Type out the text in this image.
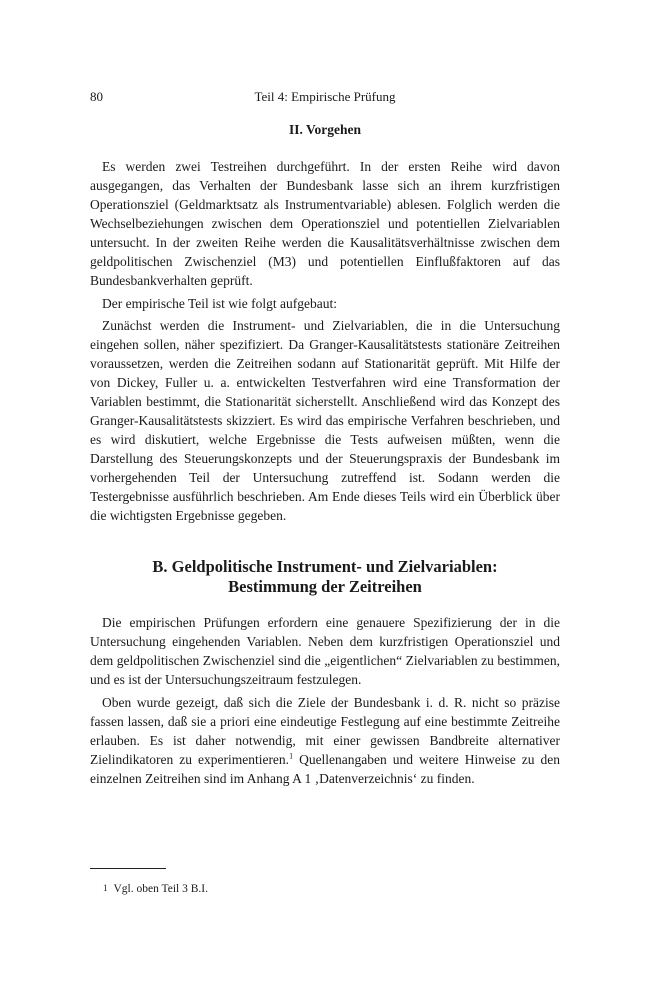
80	Teil 4: Empirische Prüfung
II. Vorgehen

Es werden zwei Testreihen durchgeführt. In der ersten Reihe wird davon ausgegangen, das Verhalten der Bundesbank lasse sich an ihrem kurzfristigen Operationsziel (Geldmarktsatz als Instrumentvariable) ablesen. Folglich werden die Wechselbeziehungen zwischen dem Operationsziel und potentiellen Zielvariablen untersucht. In der zweiten Reihe werden die Kausalitätsverhältnisse zwischen dem geldpolitischen Zwischenziel (M3) und potentiellen Einflußfaktoren auf das Bundesbankverhalten geprüft.

Der empirische Teil ist wie folgt aufgebaut:

Zunächst werden die Instrument- und Zielvariablen, die in die Untersuchung eingehen sollen, näher spezifiziert. Da Granger-Kausalitätstests stationäre Zeitreihen voraussetzen, werden die Zeitreihen sodann auf Stationarität geprüft. Mit Hilfe der von Dickey, Fuller u. a. entwickelten Testverfahren wird eine Transformation der Variablen bestimmt, die Stationarität sicherstellt. Anschließend wird das Konzept des Granger-Kausalitätstests skizziert. Es wird das empirische Verfahren beschrieben, und es wird diskutiert, welche Ergebnisse die Tests aufweisen müßten, wenn die Darstellung des Steuerungskonzepts und der Steuerungspraxis der Bundesbank im vorhergehenden Teil der Untersuchung zutreffend ist. Sodann werden die Testergebnisse ausführlich beschrieben. Am Ende dieses Teils wird ein Überblick über die wichtigsten Ergebnisse gegeben.

B. Geldpolitische Instrument- und Zielvariablen:
Bestimmung der Zeitreihen

Die empirischen Prüfungen erfordern eine genauere Spezifizierung der in die Untersuchung eingehenden Variablen. Neben dem kurzfristigen Operationsziel und dem geldpolitischen Zwischenziel sind die „eigentlichen“ Zielvariablen zu bestimmen, und es ist der Untersuchungszeitraum festzulegen.

Oben wurde gezeigt, daß sich die Ziele der Bundesbank i. d. R. nicht so präzise fassen lassen, daß sie a priori eine eindeutige Festlegung auf eine bestimmte Zeitreihe erlauben. Es ist daher notwendig, mit einer gewissen Bandbreite alternativer Zielindikatoren zu experimentieren.$^1$ Quellenangaben und weitere Hinweise zu den einzelnen Zeitreihen sind im Anhang A 1 ‚Datenverzeichnis‘ zu finden.

1 Vgl. oben Teil 3 B.I.
